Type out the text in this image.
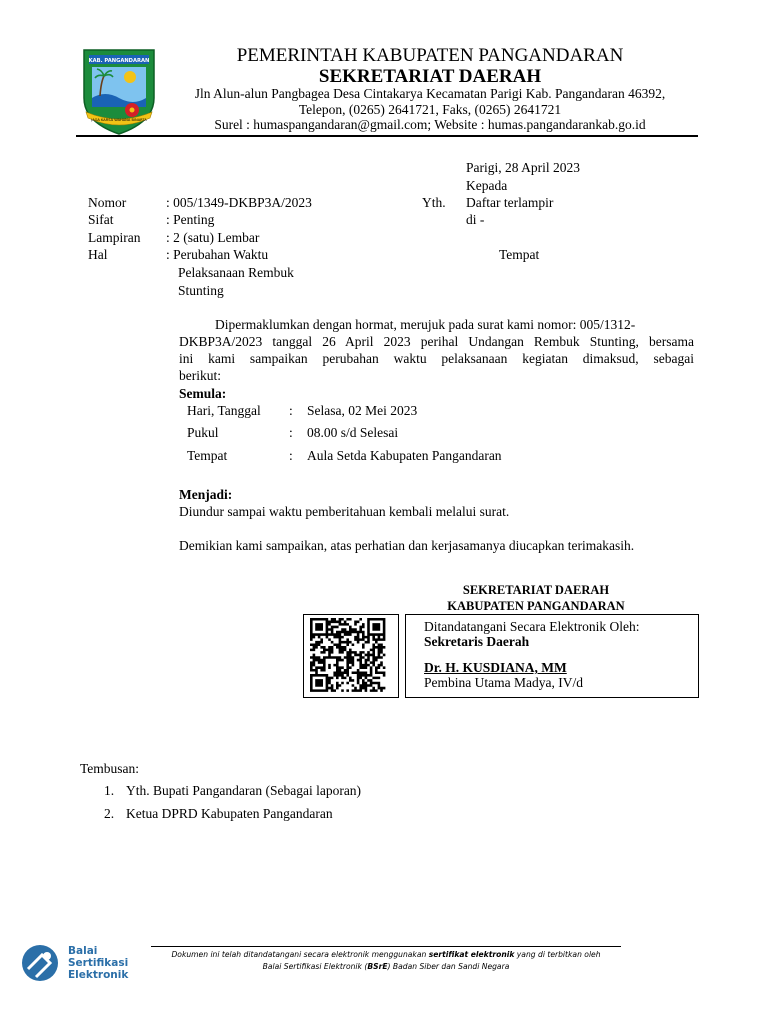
KAB. PANGANDARAN
JAGA KARSA WAHANA BINARTA
PEMERINTAH KABUPATEN PANGANDARAN
SEKRETARIAT DAERAH
Jln Alun-alun Pangbagea Desa Cintakarya Kecamatan Parigi Kab. Pangandaran 46392,
Telepon, (0265) 2641721, Faks, (0265) 2641721
Surel : humaspangandaran@gmail.com; Website : humas.pangandarankab.go.id
Parigi, 28 April 2023
Kepada
Yth. Daftar terlampir
di -
Tempat
Nomor	: 005/1349-DKBP3A/2023
Sifat	: Penting
Lampiran : 2 (satu) Lembar
Hal	: Perubahan Waktu
Pelaksanaan Rembuk
Stunting
Dipermaklumkan dengan hormat, merujuk pada surat kami nomor: 005/1312-
DKBP3A/2023 tanggal 26 April 2023 perihal Undangan Rembuk Stunting, bersama
ini kami sampaikan perubahan waktu pelaksanaan kegiatan dimaksud, sebagai
berikut:
Semula:
Hari, Tanggal : Selasa, 02 Mei 2023
Pukul	: 08.00 s/d Selesai
Tempat	: Aula Setda Kabupaten Pangandaran
Menjadi:
Diundur sampai waktu pemberitahuan kembali melalui surat.
Demikian kami sampaikan, atas perhatian dan kerjasamanya diucapkan terimakasih.
SEKRETARIAT DAERAH
KABUPATEN PANGANDARAN
Ditandatangani Secara Elektronik Oleh:
Sekretaris Daerah
Dr. H. KUSDIANA, MM
Pembina Utama Madya, IV/d
Tembusan:
1. Yth. Bupati Pangandaran (Sebagai laporan)
2. Ketua DPRD Kabupaten Pangandaran
Balai
Sertifikasi
Elektronik
Dokumen ini telah ditandatangani secara elektronik menggunakan sertifikat elektronik yang di terbitkan oleh
Balai Sertifikasi Elektronik (BSrE) Badan Siber dan Sandi Negara
